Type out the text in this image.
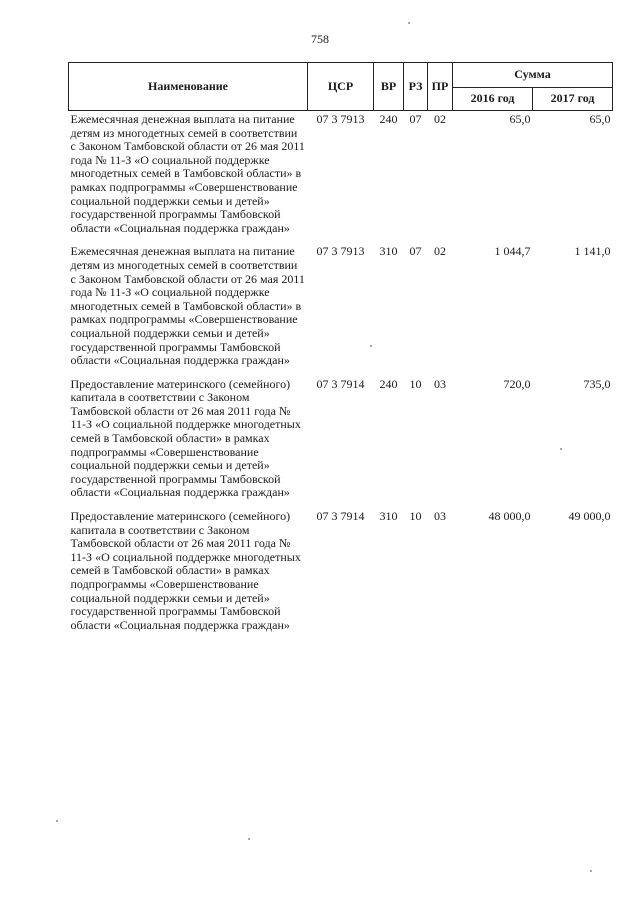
758
Наименование	ЦСР	ВР	РЗ	ПР	Сумма	
					2016 год	2017 год
Ежемесячная денежная выплата на питание детям из многодетных семей в соответствии с Законом Тамбовской области от 26 мая 2011 года № 11-З «О социальной поддержке многодетных семей в Тамбовской области» в рамках подпрограммы «Совершенствование социальной поддержки семьи и детей» государственной программы Тамбовской области «Социальная поддержка граждан»	07 3 7913	240	07	02	65,0	65,0
Ежемесячная денежная выплата на питание детям из многодетных семей в соответствии с Законом Тамбовской области от 26 мая 2011 года № 11-З «О социальной поддержке многодетных семей в Тамбовской области» в рамках подпрограммы «Совершенствование социальной поддержки семьи и детей» государственной программы Тамбовской области «Социальная поддержка граждан»	07 3 7913	310	07	02	1 044,7	1 141,0
Предоставление материнского (семейного) капитала в соответствии с Законом Тамбовской области от 26 мая 2011 года № 11-З «О социальной поддержке многодетных семей в Тамбовской области» в рамках подпрограммы «Совершенствование социальной поддержки семьи и детей» государственной программы Тамбовской области «Социальная поддержка граждан»	07 3 7914	240	10	03	720,0	735,0
Предоставление материнского (семейного) капитала в соответствии с Законом Тамбовской области от 26 мая 2011 года № 11-З «О социальной поддержке многодетных семей в Тамбовской области» в рамках подпрограммы «Совершенствование социальной поддержки семьи и детей» государственной программы Тамбовской области «Социальная поддержка граждан»	07 3 7914	310	10	03	48 000,0	49 000,0
